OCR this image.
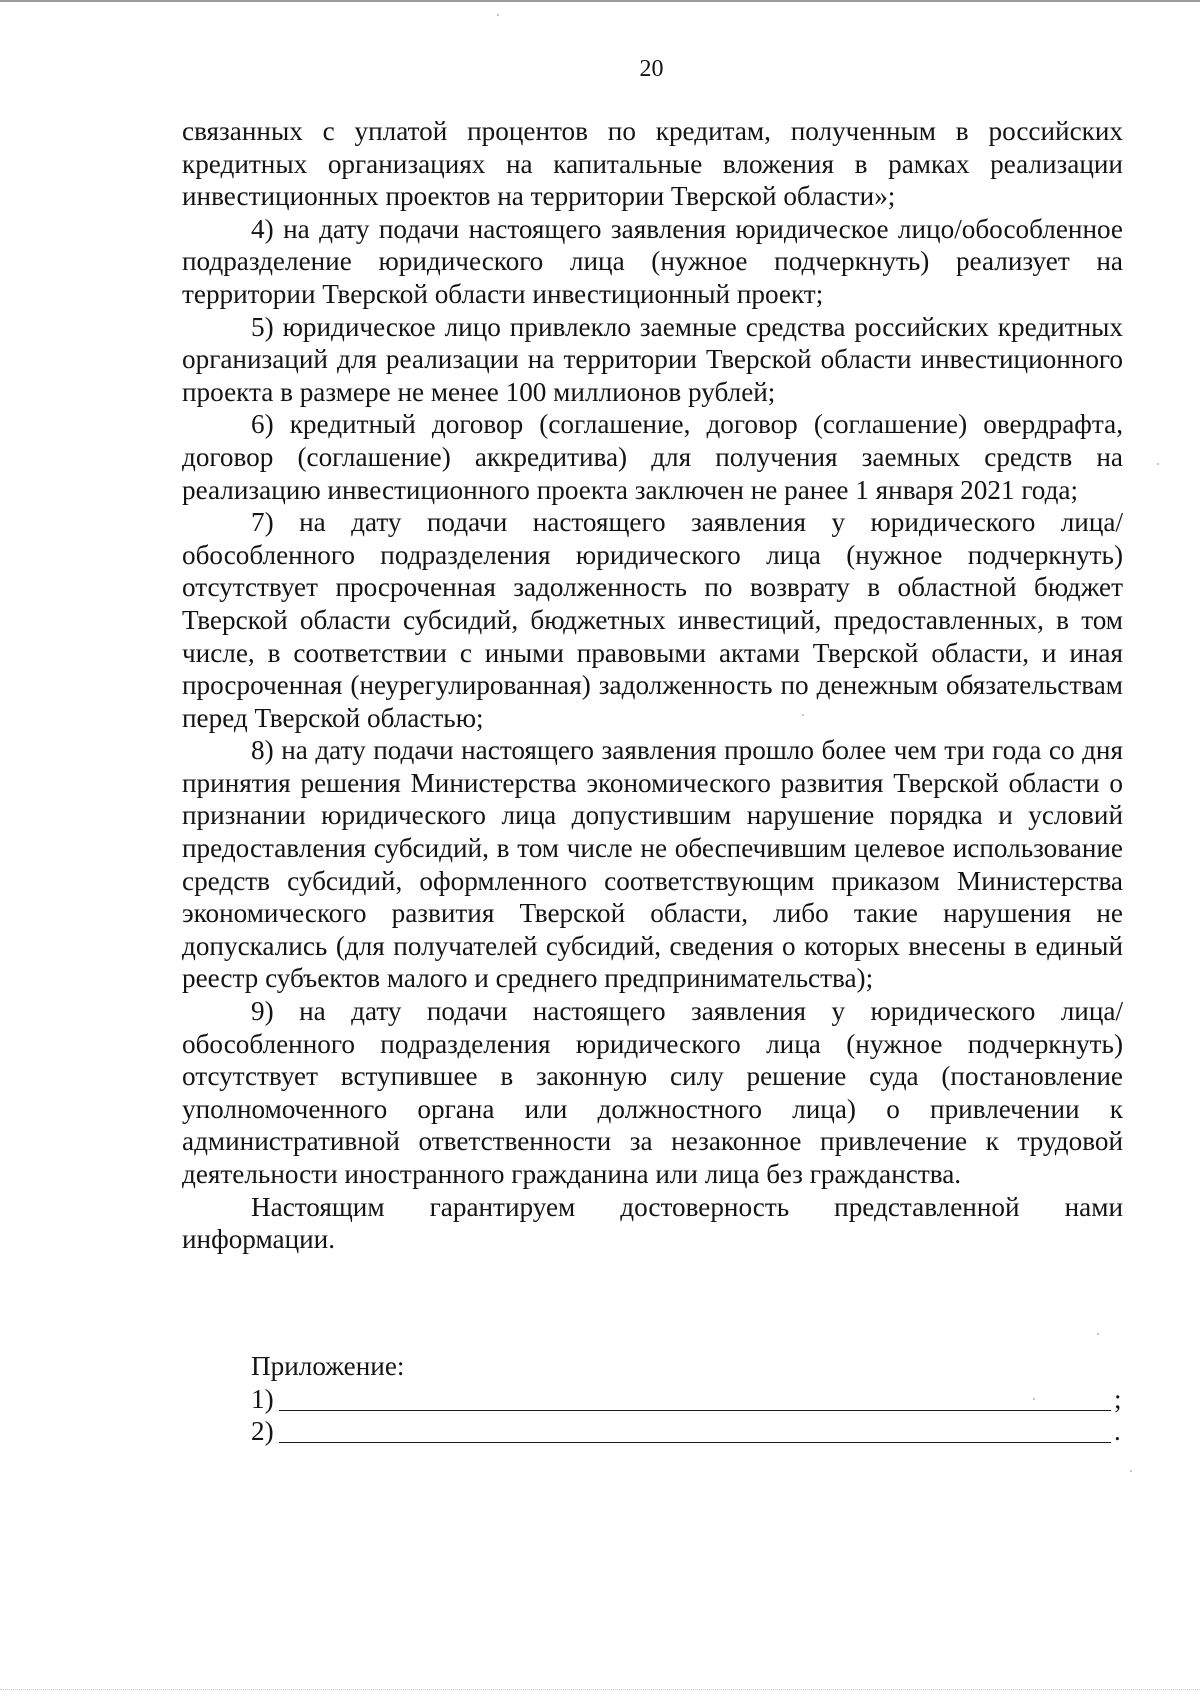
20

связанных с уплатой процентов по кредитам, полученным в российских кредитных организациях на капитальные вложения в рамках реализации инвестиционных проектов на территории Тверской области»;

4) на дату подачи настоящего заявления юридическое лицо/обособленное подразделение юридического лица (нужное подчеркнуть) реализует на территории Тверской области инвестиционный проект;

5) юридическое лицо привлекло заемные средства российских кредитных организаций для реализации на территории Тверской области инвестиционного проекта в размере не менее 100 миллионов рублей;

6) кредитный договор (соглашение, договор (соглашение) овердрафта, договор (соглашение) аккредитива) для получения заемных средств на реализацию инвестиционного проекта заключен не ранее 1 января 2021 года;

7) на дату подачи настоящего заявления у юридического лица/обособленного подразделения юридического лица (нужное подчеркнуть) отсутствует просроченная задолженность по возврату в областной бюджет Тверской области субсидий, бюджетных инвестиций, предоставленных, в том числе, в соответствии с иными правовыми актами Тверской области, и иная просроченная (неурегулированная) задолженность по денежным обязательствам перед Тверской областью;

8) на дату подачи настоящего заявления прошло более чем три года со дня принятия решения Министерства экономического развития Тверской области о признании юридического лица допустившим нарушение порядка и условий предоставления субсидий, в том числе не обеспечившим целевое использование средств субсидий, оформленного соответствующим приказом Министерства экономического развития Тверской области, либо такие нарушения не допускались (для получателей субсидий, сведения о которых внесены в единый реестр субъектов малого и среднего предпринимательства);

9) на дату подачи настоящего заявления у юридического лица/обособленного подразделения юридического лица (нужное подчеркнуть) отсутствует вступившее в законную силу решение суда (постановление уполномоченного органа или должностного лица) о привлечении к административной ответственности за незаконное привлечение к трудовой деятельности иностранного гражданина или лица без гражданства.

Настоящим гарантируем достоверность представленной нами информации.

Приложение:

1)	;
2)	.
